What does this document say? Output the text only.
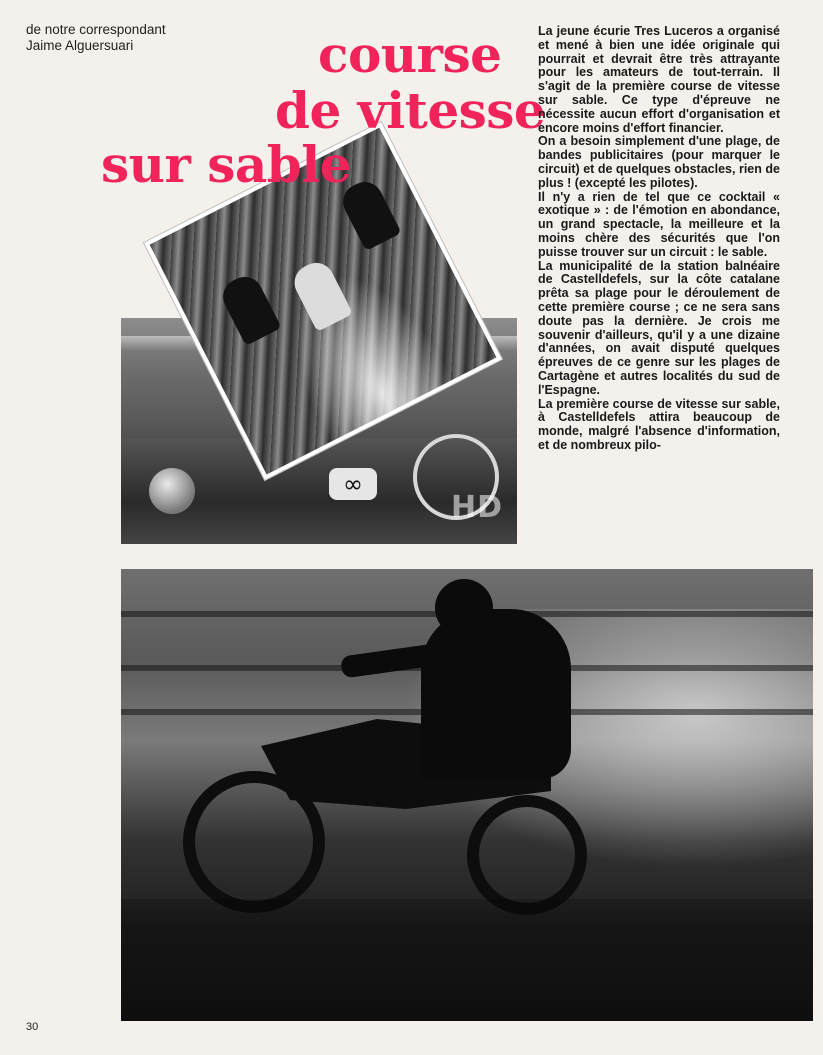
de notre correspondant
Jaime Alguersuari
∞
HD
course
de vitesse
sur sable

La jeune écurie Tres Luceros a organisé et mené à bien une idée originale qui pourrait et devrait être très attrayante pour les amateurs de tout-terrain. Il s'agit de la première course de vitesse sur sable. Ce type d'épreuve ne nécessite aucun effort d'organisation et encore moins d'effort financier.

On a besoin simplement d'une plage, de bandes publicitaires (pour marquer le circuit) et de quelques obstacles, rien de plus ! (excepté les pilotes).

Il n'y a rien de tel que ce cocktail « exotique » : de l'émotion en abondance, un grand spectacle, la meilleure et la moins chère des sécurités que l'on puisse trouver sur un circuit : le sable.

La municipalité de la station balnéaire de Castelldefels, sur la côte catalane prêta sa plage pour le déroulement de cette première course ; ce ne sera sans doute pas la dernière. Je crois me souvenir d'ailleurs, qu'il y a une dizaine d'années, on avait disputé quelques épreuves de ce genre sur les plages de Cartagène et autres localités du sud de l'Espagne.

La première course de vitesse sur sable, à Castelldefels attira beaucoup de monde, malgré l'absence d'information, et de nombreux pilo-

30
